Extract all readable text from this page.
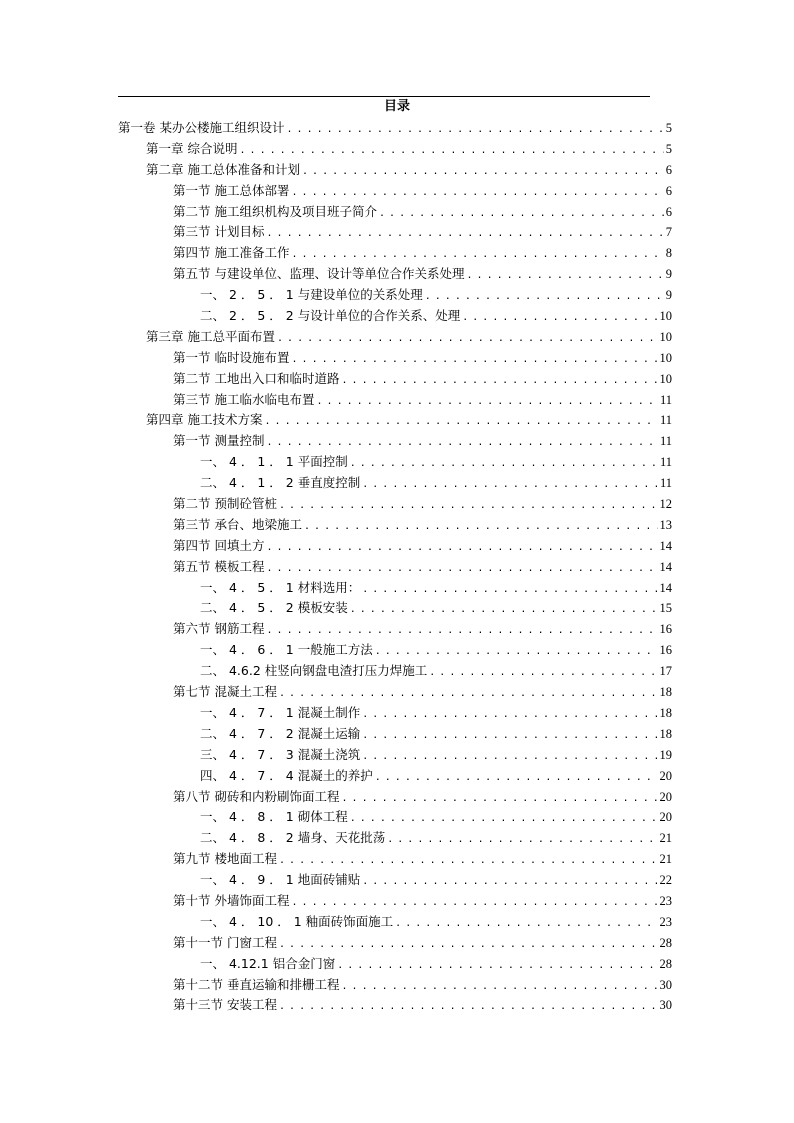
目录
第一卷 某办公楼施工组织设计 . . .	5
第一章 综合说明 . . .	5
第二章 施工总体准备和计划 . . .	6
第一节 施工总体部署 . . .	6
第二节 施工组织机构及项目班子简介 . . .	6
第三节 计划目标 . . .	7
第四节 施工准备工作 . . .	8
第五节 与建设单位、监理、设计等单位合作关系处理 . . .	9
一、 2 ． 5 ． 1 与建设单位的关系处理 . . .	9
二、 2 ． 5 ． 2 与设计单位的合作关系、处理 . . .	10
第三章 施工总平面布置 . . .	10
第一节 临时设施布置 . . .	10
第二节 工地出入口和临时道路 . . .	10
第三节 施工临水临电布置 . . .	11
第四章 施工技术方案 . . .	11
第一节 测量控制 . . .	11
一、 4 ． 1 ． 1 平面控制 . . .	11
二、 4 ． 1 ． 2 垂直度控制 . . .	11
第二节 预制砼管桩 . . .	12
第三节 承台、地梁施工 . . .	13
第四节 回填土方 . . .	14
第五节 模板工程 . . .	14
一、 4 ． 5 ． 1 材料选用： . . .	14
二、 4 ． 5 ． 2 模板安装 . . .	15
第六节 钢筋工程 . . .	16
一、 4 ． 6 ． 1 一般施工方法 . . .	16
二、 4.6.2 柱竖向钢盘电渣打压力焊施工 . . .	17
第七节 混凝土工程 . . .	18
一、 4 ． 7 ． 1 混凝土制作 . . .	18
二、 4 ． 7 ． 2 混凝土运输 . . .	18
三、 4 ． 7 ． 3 混凝土浇筑 . . .	19
四、 4 ． 7 ． 4 混凝土的养护 . . .	20
第八节 砌砖和内粉刷饰面工程 . . .	20
一、 4 ． 8 ． 1 砌体工程 . . .	20
二、 4 ． 8 ． 2 墙身、天花批荡 . . .	21
第九节 楼地面工程 . . .	21
一、 4 ． 9 ． 1 地面砖铺贴 . . .	22
第十节 外墙饰面工程 . . .	23
一、 4 ． 10 ． 1 釉面砖饰面施工 . . .	23
第十一节 门窗工程 . . .	28
一、 4.12.1 铝合金门窗 . . .	28
第十二节 垂直运输和排栅工程 . . .	30
第十三节 安装工程 . . .	30
